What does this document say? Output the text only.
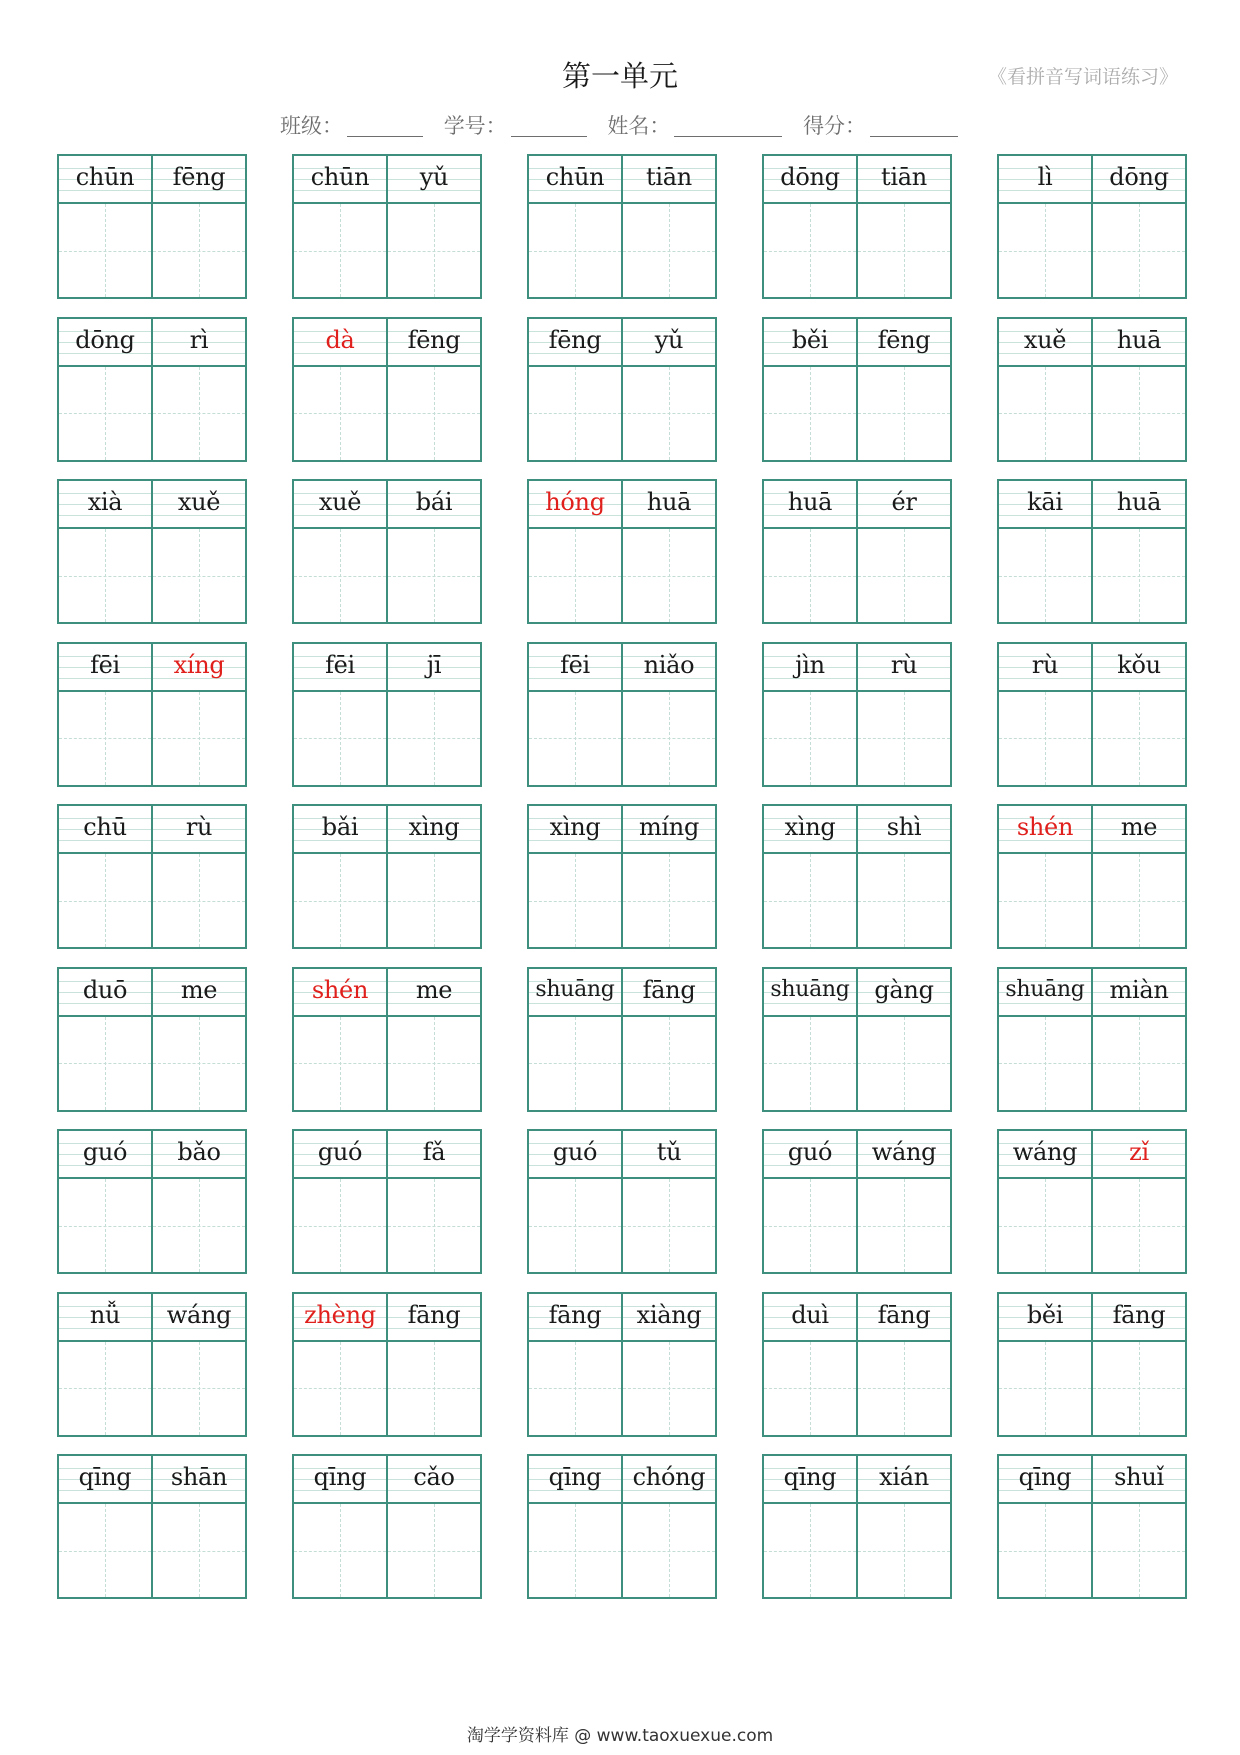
第一单元	《看拼音写词语练习》
班级：	学号：	姓名：	得分：
chūn	fēng	chūn	yǔ	chūn	tiān	dōng	tiān	lì	dōng
dōng	rì	dà	fēng	fēng	yǔ	běi	fēng	xuě	huā
xià	xuě	xuě	bái	hóng	huā	huā	ér	kāi	huā
fēi	xíng	fēi	jī	fēi	niǎo	jìn	rù	rù	kǒu
chū	rù	bǎi	xìng	xìng	míng	xìng	shì	shén	me
duō	me	shén	me	shuāng	fāng	shuāng	gàng	shuāng	miàn
guó	bǎo	guó	fǎ	guó	tǔ	guó	wáng	wáng	zǐ
nǚ	wáng	zhèng	fāng	fāng	xiàng	duì	fāng	běi	fāng
qīng	shān	qīng	cǎo	qīng	chóng	qīng	xián	qīng	shuǐ
淘学学资料库 @ www.taoxuexue.com
